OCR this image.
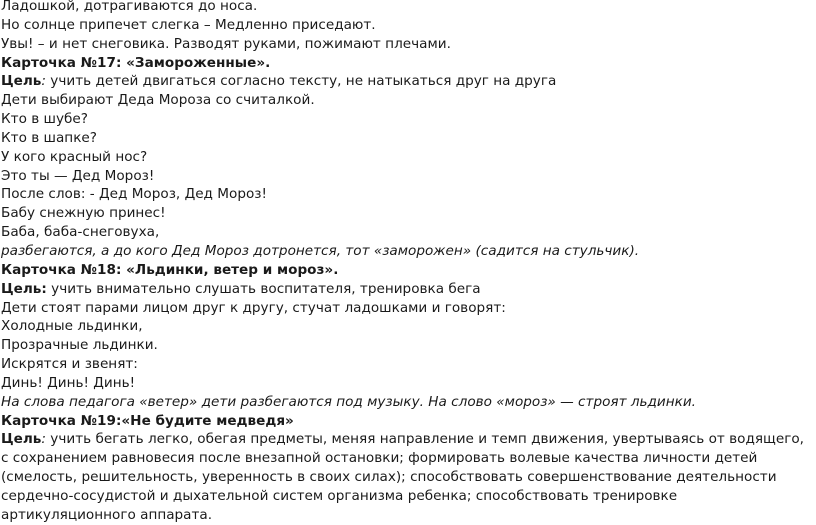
Ладошкой, дотрагиваются до носа.
Но солнце припечет слегка – Медленно приседают.
Увы! – и нет снеговика. Разводят руками, пожимают плечами.
Карточка №17: «Замороженные».
Цель: учить детей двигаться согласно тексту, не натыкаться друг на друга
Дети выбирают Деда Мороза со считалкой.
Кто в шубе?
Кто в шапке?
У кого красный нос?
Это ты — Дед Мороз!
После слов: - Дед Мороз, Дед Мороз!
Бабу снежную принес!
Баба, баба-снеговуха,
разбегаются, а до кого Дед Мороз дотронется, тот «заморожен» (садится на стульчик).
Карточка №18: «Льдинки, ветер и мороз».
Цель: учить внимательно слушать воспитателя, тренировка бега
Дети стоят парами лицом друг к другу, стучат ладошками и говорят:
Холодные льдинки,
Прозрачные льдинки.
Искрятся и звенят:
Динь! Динь! Динь!
На слова педагога «ветер» дети разбегаются под музыку. На слово «мороз» — строят льдинки.
Карточка №19:«Не будите медведя»
Цель: учить бегать легко, обегая предметы, меняя направление и темп движения, увертываясь от водящего, с сохранением равновесия после внезапной остановки; формировать волевые качества личности детей (смелость, решительность, уверенность в своих силах); способствовать совершенствование деятельности сердечно-сосудистой и дыхательной систем организма ребенка; способствовать тренировке артикуляционного аппарата.
